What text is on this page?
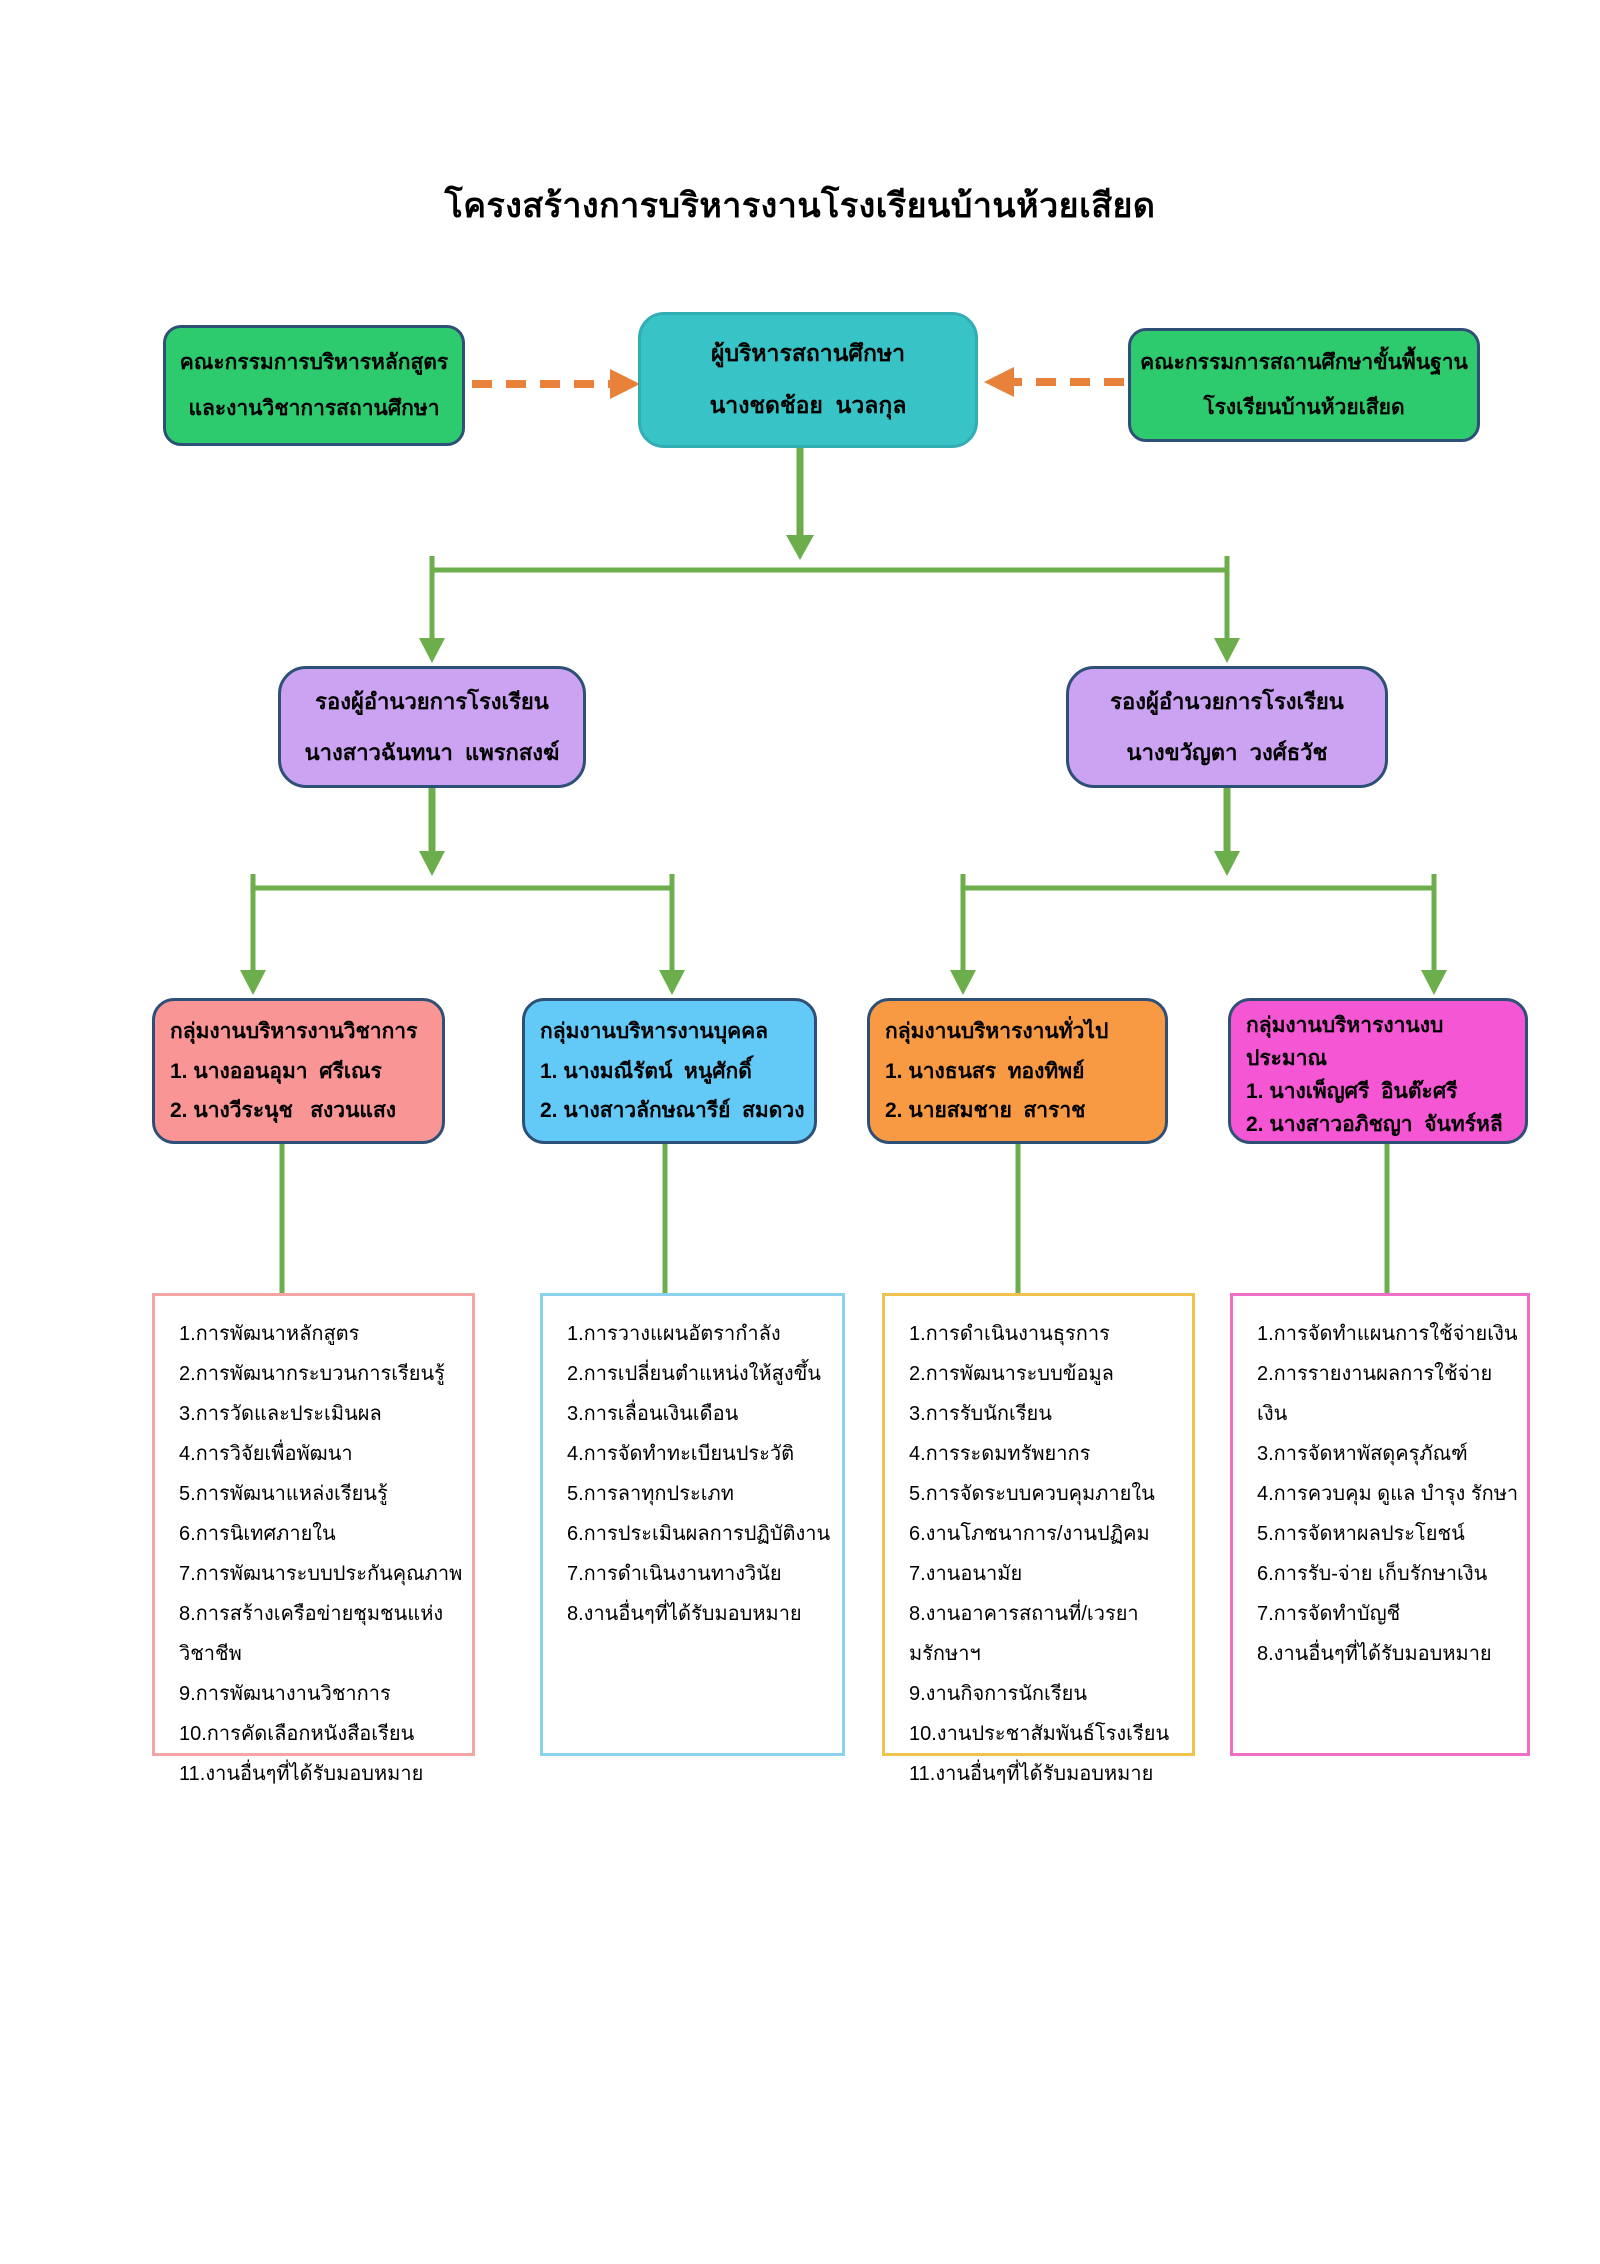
โครงสร้างการบริหารงานโรงเรียนบ้านห้วยเสียด
คณะกรรมการบริหารหลักสูตร
และงานวิชาการสถานศึกษา
ผู้บริหารสถานศึกษา
นางชดช้อย  นวลกุล
คณะกรรมการสถานศึกษาขั้นพื้นฐาน
โรงเรียนบ้านห้วยเสียด
รองผู้อำนวยการโรงเรียน
นางสาวฉันทนา  แพรกสงฆ์
รองผู้อำนวยการโรงเรียน
นางขวัญตา  วงศ์ธวัช
กลุ่มงานบริหารงานวิชาการ
1. นางออนอุมา  ศรีเณร
2. นางวีระนุช   สงวนแสง
กลุ่มงานบริหารงานบุคคล
1. นางมณีรัตน์  หนูศักดิ์
2. นางสาวลักษณารีย์  สมดวง
กลุ่มงานบริหารงานทั่วไป
1. นางธนสร  ทองทิพย์
2. นายสมชาย  สาราช
กลุ่มงานบริหารงานงบประมาณ
1. นางเพ็ญศรี  อินต๊ะศรี
2. นางสาวอภิชญา  จันทร์หลี
1.การพัฒนาหลักสูตร
2.การพัฒนากระบวนการเรียนรู้
3.การวัดและประเมินผล
4.การวิจัยเพื่อพัฒนา
5.การพัฒนาแหล่งเรียนรู้
6.การนิเทศภายใน
7.การพัฒนาระบบประกันคุณภาพ
8.การสร้างเครือข่ายชุมชนแห่งวิชาชีพ
9.การพัฒนางานวิชาการ
10.การคัดเลือกหนังสือเรียน
11.งานอื่นๆที่ได้รับมอบหมาย
1.การวางแผนอัตรากำลัง
2.การเปลี่ยนตำแหน่งให้สูงขึ้น
3.การเลื่อนเงินเดือน
4.การจัดทำทะเบียนประวัติ
5.การลาทุกประเภท
6.การประเมินผลการปฏิบัติงาน
7.การดำเนินงานทางวินัย
8.งานอื่นๆที่ได้รับมอบหมาย
1.การดำเนินงานธุรการ
2.การพัฒนาระบบข้อมูล
3.การรับนักเรียน
4.การระดมทรัพยากร
5.การจัดระบบควบคุมภายใน
6.งานโภชนาการ/งานปฏิคม
7.งานอนามัย
8.งานอาคารสถานที่/เวรยามรักษาฯ
9.งานกิจการนักเรียน
10.งานประชาสัมพันธ์โรงเรียน
11.งานอื่นๆที่ได้รับมอบหมาย
1.การจัดทำแผนการใช้จ่ายเงิน
2.การรายงานผลการใช้จ่ายเงิน
3.การจัดหาพัสดุครุภัณฑ์
4.การควบคุม ดูแล บำรุง รักษา
5.การจัดหาผลประโยชน์
6.การรับ-จ่าย เก็บรักษาเงิน
7.การจัดทำบัญชี
8.งานอื่นๆที่ได้รับมอบหมาย
